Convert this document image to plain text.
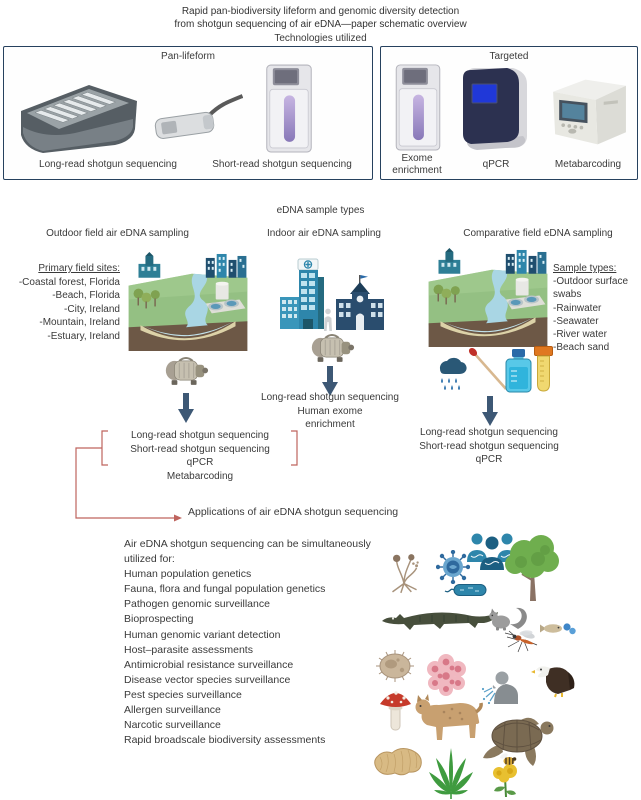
Rapid pan-biodiversity lifeform and genomic diversity detection
from shotgun sequencing of air eDNA—paper schematic overview
Technologies utilized
Pan-lifeform
Long-read shotgun sequencing	Short-read shotgun sequencing
Targeted
Exome enrichment	qPCR	Metabarcoding
eDNA sample types
Outdoor field air eDNA sampling	Indoor air eDNA sampling	Comparative field eDNA sampling
Primary field sites:
-Coastal forest, Florida
-Beach, Florida
-City, Ireland
-Mountain, Ireland
-Estuary, Ireland
Long-read shotgun sequencing
Short-read shotgun sequencing
qPCR
Metabarcoding
Long-read shotgun sequencing
Human exome
enrichment
Sample types:
-Outdoor surface swabs
-Rainwater
-Seawater
-River water
-Beach sand
Long-read shotgun sequencing
Short-read shotgun sequencing
qPCR
Applications of air eDNA shotgun sequencing
Air eDNA shotgun sequencing can be simultaneously
utilized for:
Human population genetics
Fauna, flora and fungal population genetics
Pathogen genomic surveillance
Bioprospecting
Human genomic variant detection
Host–parasite assessments
Antimicrobial resistance surveillance
Disease vector species surveillance
Pest species surveillance
Allergen surveillance
Narcotic surveillance
Rapid broadscale biodiversity assessments
